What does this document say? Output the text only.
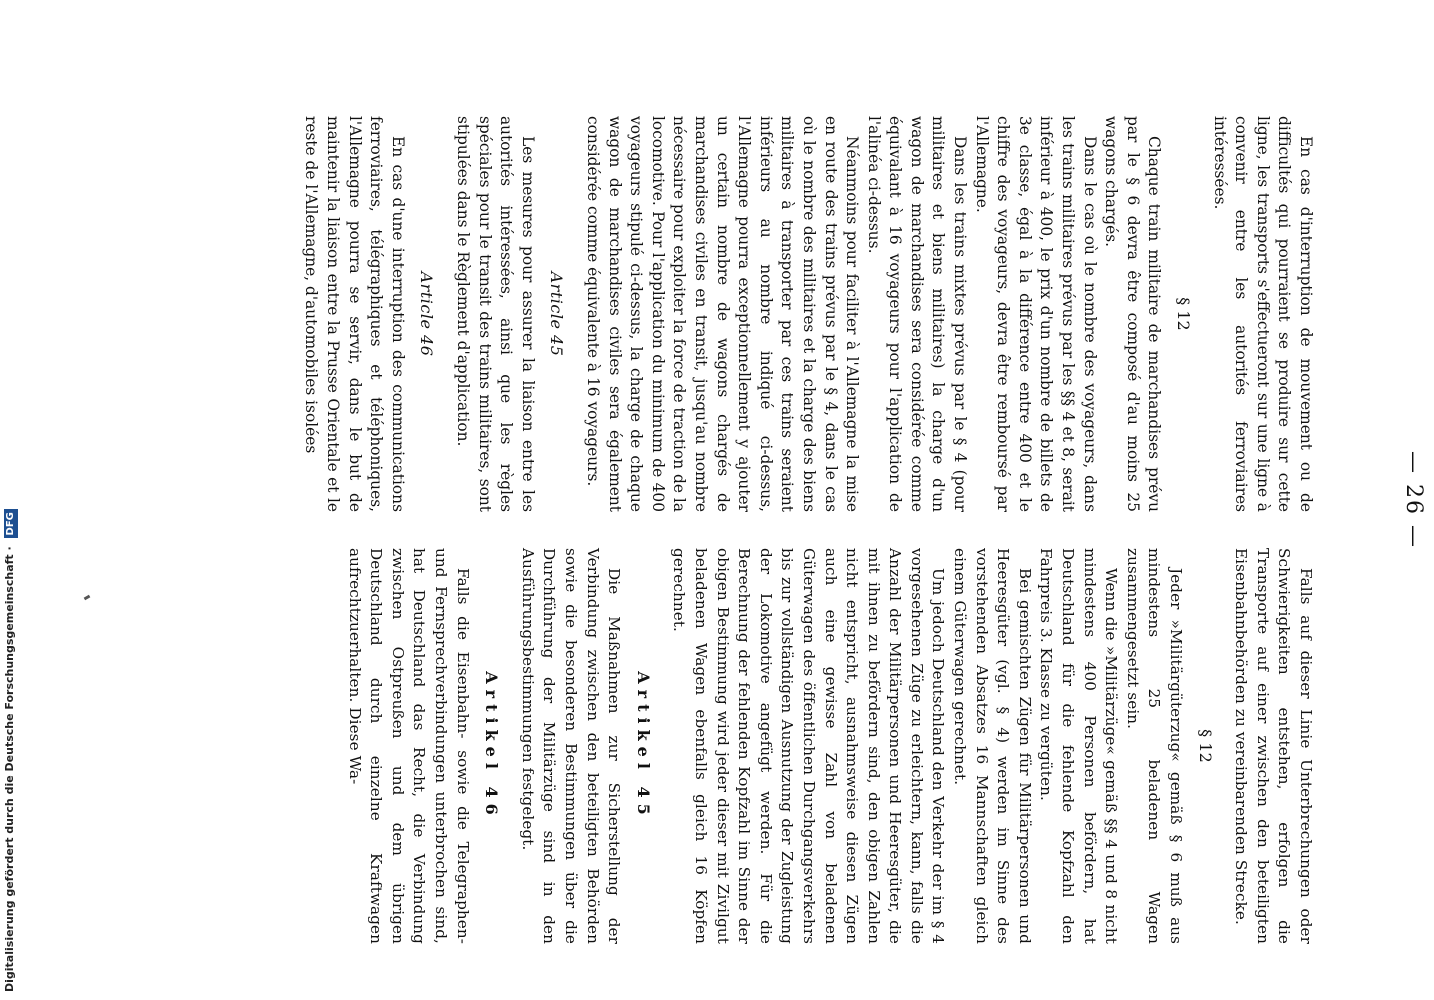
— 26 —

En cas d'interruption de mouvement ou de difficultés qui pourraient se produire sur cette ligne, les transports s'effectueront sur une ligne à convenir entre les autorités ferroviaires intéressées.

§ 12

Chaque train militaire de marchandises prévu par le § 6 devra être composé d'au moins 25 wagons chargés.

Dans le cas où le nombre des voyageurs, dans les trains militaires prévus par les §§ 4 et 8, serait inférieur à 400, le prix d'un nombre de billets de 3e classe, égal à la différence entre 400 et le chiffre des voyageurs, devra être remboursé par l'Allemagne.

Dans les trains mixtes prévus par le § 4 (pour militaires et biens militaires) la charge d'un wagon de marchandises sera considérée comme équivalant à 16 voyageurs pour l'application de l'alinéa ci-dessus.

Néanmoins pour faciliter à l'Allemagne la mise en route des trains prévus par le § 4, dans le cas où le nombre des militaires et la charge des biens militaires à transporter par ces trains seraient inférieurs au nombre indiqué ci-dessus, l'Allemagne pourra exceptionnellement y ajouter un certain nombre de wagons chargés de marchandises civiles en transit, jusqu'au nombre nécessaire pour exploiter la force de traction de la locomotive. Pour l'application du minimum de 400 voyageurs stipulé ci-dessus, la charge de chaque wagon de marchandises civiles sera également considérée comme équivalente à 16 voyageurs.

Article 45

Les mesures pour assurer la liaison entre les autorités intéressées, ainsi que les règles spéciales pour le transit des trains militaires, sont stipulées dans le Règlement d'application.

Article 46

En cas d'une interruption des communications ferroviaires, télégraphiques et téléphoniques, l'Allemagne pourra se servir, dans le but de maintenir la liaison entre la Prusse Orientale et le reste de l'Allemagne, d'automobiles isolées

Falls auf dieser Linie Unterbrechungen oder Schwierigkeiten entstehen, erfolgen die Transporte auf einer zwischen den beteiligten Eisenbahnbehörden zu vereinbarenden Strecke.

§ 12

Jeder »Militärgüterzug« gemäß § 6 muß aus mindestens 25 beladenen Wagen zusammengesetzt sein.

Wenn die »Militärzüge« gemäß §§ 4 und 8 nicht mindestens 400 Personen befördern, hat Deutschland für die fehlende Kopfzahl den Fahrpreis 3. Klasse zu vergüten.

Bei gemischten Zügen für Militärpersonen und Heeresgüter (vgl. § 4) werden im Sinne des vorstehenden Absatzes 16 Mannschaften gleich einem Güterwagen gerechnet.

Um jedoch Deutschland den Verkehr der im § 4 vorgesehenen Züge zu erleichtern, kann, falls die Anzahl der Militärpersonen und Heeresgüter, die mit ihnen zu befördern sind, den obigen Zahlen nicht entspricht, ausnahmsweise diesen Zügen auch eine gewisse Zahl von beladenen Güterwagen des öffentlichen Durchgangsverkehrs bis zur vollständigen Ausnutzung der Zugleistung der Lokomotive angefügt werden. Für die Berechnung der fehlenden Kopfzahl im Sinne der obigen Bestimmung wird jeder dieser mit Zivilgut beladenen Wagen ebenfalls gleich 16 Köpfen gerechnet.

Artikel 45

Die Maßnahmen zur Sicherstellung der Verbindung zwischen den beteiligten Behörden sowie die besonderen Bestimmungen über die Durchführung der Militärzüge sind in den Ausführungsbestimmungen festgelegt.

Artikel 46

Falls die Eisenbahn- sowie die Telegraphen- und Fernsprechverbindungen unterbrochen sind, hat Deutschland das Recht, die Verbindung zwischen Ostpreußen und dem übrigen Deutschland durch einzelne Kraftwagen aufrechtzuerhalten. Diese Wa-

Digitalisierung gefördert durch die Deutsche Forschungsgemeinschaft · DFG
